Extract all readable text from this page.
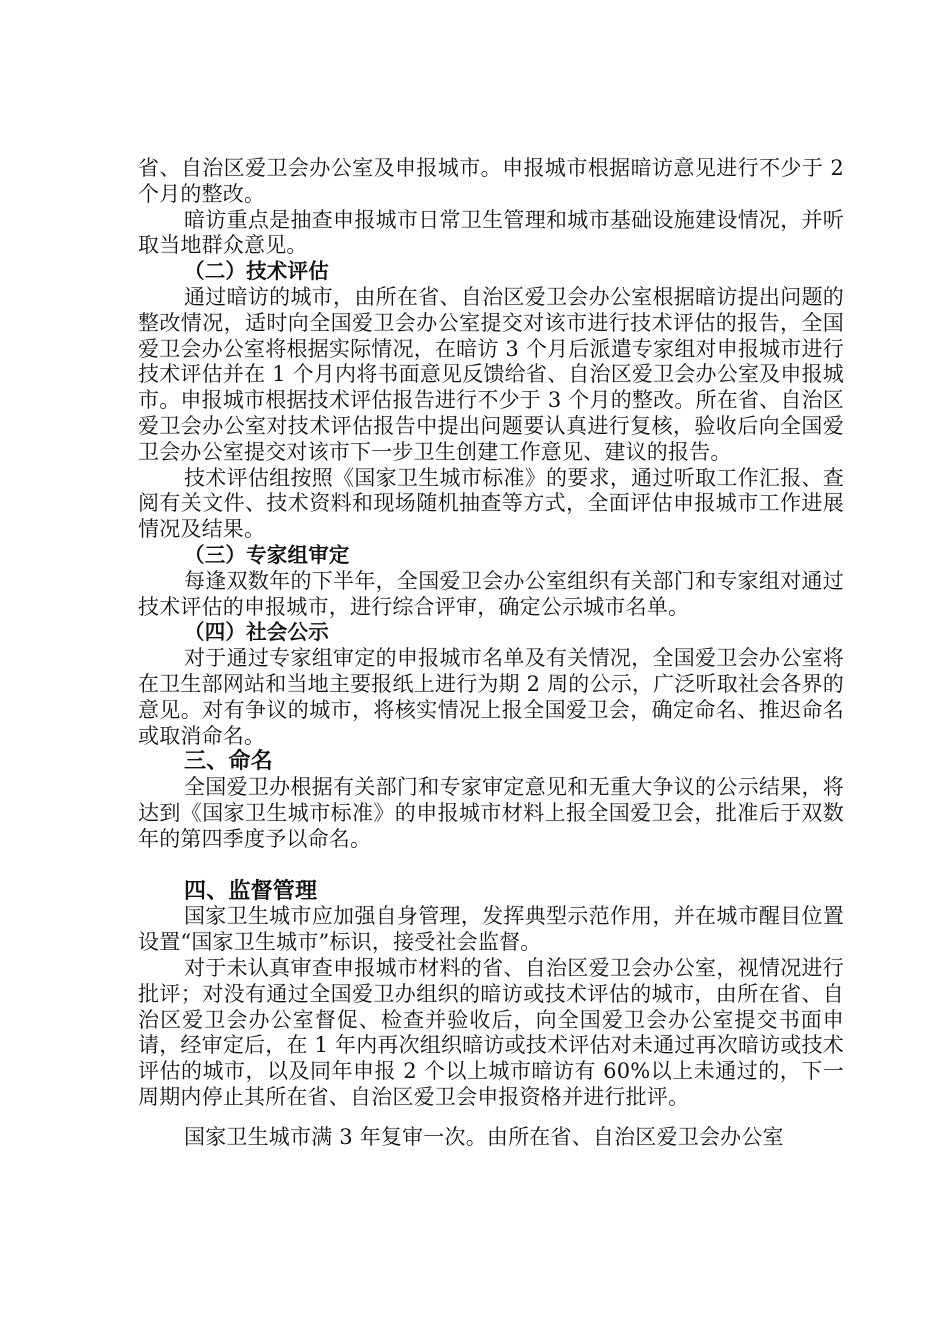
省、自治区爱卫会办公室及申报城市。申报城市根据暗访意见进行不少于 2 个月的整改。

暗访重点是抽查申报城市日常卫生管理和城市基础设施建设情况，并听取当地群众意见。

（二）技术评估

通过暗访的城市，由所在省、自治区爱卫会办公室根据暗访提出问题的整改情况，适时向全国爱卫会办公室提交对该市进行技术评估的报告，全国爱卫会办公室将根据实际情况，在暗访 3 个月后派遣专家组对申报城市进行技术评估并在 1 个月内将书面意见反馈给省、自治区爱卫会办公室及申报城市。申报城市根据技术评估报告进行不少于 3 个月的整改。所在省、自治区爱卫会办公室对技术评估报告中提出问题要认真进行复核，验收后向全国爱卫会办公室提交对该市下一步卫生创建工作意见、建议的报告。

技术评估组按照《国家卫生城市标准》的要求，通过听取工作汇报、查阅有关文件、技术资料和现场随机抽查等方式，全面评估申报城市工作进展情况及结果。

（三）专家组审定

每逢双数年的下半年，全国爱卫会办公室组织有关部门和专家组对通过技术评估的申报城市，进行综合评审，确定公示城市名单。

（四）社会公示

对于通过专家组审定的申报城市名单及有关情况，全国爱卫会办公室将在卫生部网站和当地主要报纸上进行为期 2 周的公示，广泛听取社会各界的意见。对有争议的城市，将核实情况上报全国爱卫会，确定命名、推迟命名或取消命名。

三、命名

全国爱卫办根据有关部门和专家审定意见和无重大争议的公示结果，将达到《国家卫生城市标准》的申报城市材料上报全国爱卫会，批准后于双数年的第四季度予以命名。

四、监督管理

国家卫生城市应加强自身管理，发挥典型示范作用，并在城市醒目位置设置“国家卫生城市”标识，接受社会监督。

对于未认真审查申报城市材料的省、自治区爱卫会办公室，视情况进行批评；对没有通过全国爱卫办组织的暗访或技术评估的城市，由所在省、自治区爱卫会办公室督促、检查并验收后，向全国爱卫会办公室提交书面申请，经审定后，在 1 年内再次组织暗访或技术评估对未通过再次暗访或技术评估的城市，以及同年申报 2 个以上城市暗访有 60%以上未通过的，下一周期内停止其所在省、自治区爱卫会申报资格并进行批评。

国家卫生城市满 3 年复审一次。由所在省、自治区爱卫会办公室
